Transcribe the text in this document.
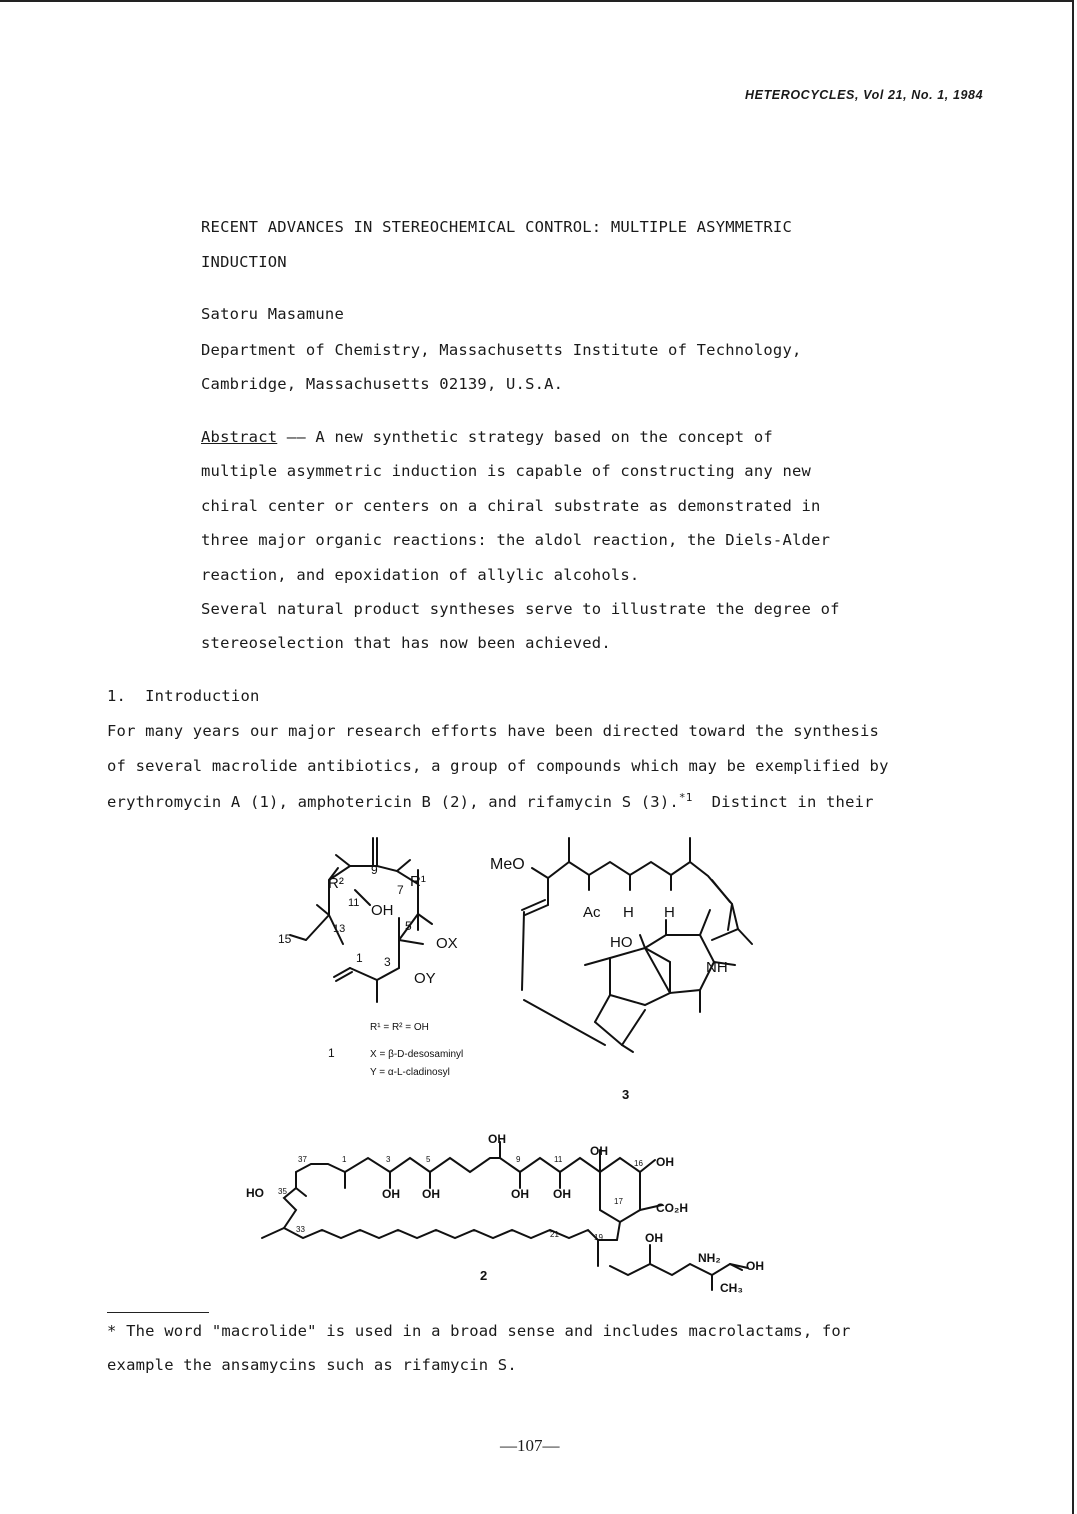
HETEROCYCLES, Vol 21, No. 1, 1984
RECENT ADVANCES IN STEREOCHEMICAL CONTROL: MULTIPLE ASYMMETRIC
INDUCTION
Satoru Masamune
Department of Chemistry, Massachusetts Institute of Technology,
Cambridge, Massachusetts 02139, U.S.A.
Abstract —— A new synthetic strategy based on the concept of
multiple asymmetric induction is capable of constructing any new
chiral center or centers on a chiral substrate as demonstrated in
three major organic reactions: the aldol reaction, the Diels-Alder
reaction, and epoxidation of allylic alcohols.
Several natural product syntheses serve to illustrate the degree of
stereoselection that has now been achieved.
1.  Introduction
For many years our major research efforts have been directed toward the synthesis
of several macrolide antibiotics, a group of compounds which may be exemplified by
erythromycin A (1), amphotericin B (2), and rifamycin S (3).$^{*1}$  Distinct in their
R²	R¹
OH
OX
OY
9
7
11
5
13
15
1 3
R¹ = R² = OH
1	X = β-D-desosaminyl
Y = α-L-cladinosyl
MeO
Ac H H
HO
NH
3
HO
OH
OH
OH
CO₂H
OH OH	OH OH
OH
NH₂
OH
CH₃
37	1	3	5	9	11	16
17
19
21
35
33
2
* The word "macrolide" is used in a broad sense and includes macrolactams, for
example the ansamycins such as rifamycin S.
—107—
